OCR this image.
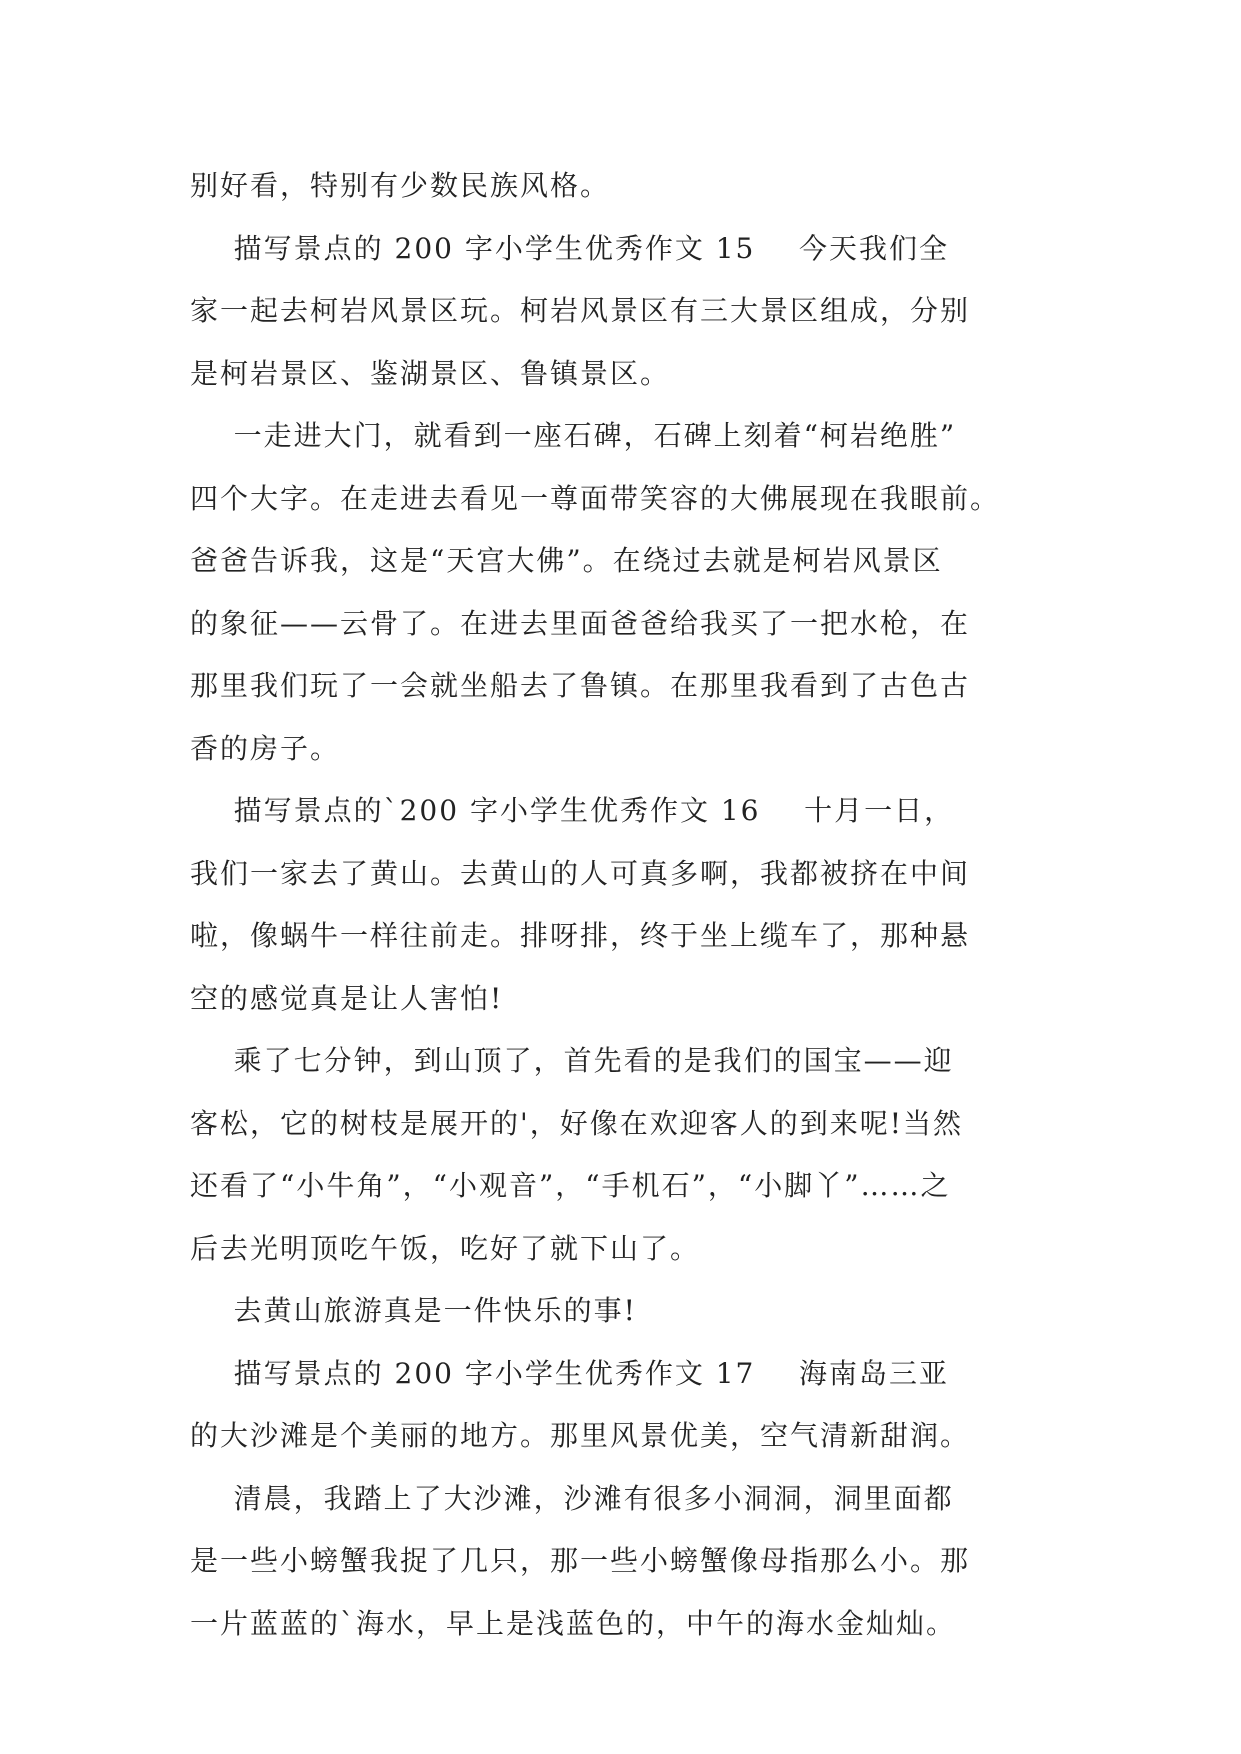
别好看，特别有少数民族风格。
描写景点的 200 字小学生优秀作文 15    今天我们全
家一起去柯岩风景区玩。柯岩风景区有三大景区组成，分别
是柯岩景区、鉴湖景区、鲁镇景区。
一走进大门，就看到一座石碑，石碑上刻着“柯岩绝胜”
四个大字。在走进去看见一尊面带笑容的大佛展现在我眼前。
爸爸告诉我，这是“天宫大佛”。在绕过去就是柯岩风景区
的象征——云骨了。在进去里面爸爸给我买了一把水枪，在
那里我们玩了一会就坐船去了鲁镇。在那里我看到了古色古
香的房子。
描写景点的`200 字小学生优秀作文 16    十月一日，
我们一家去了黄山。去黄山的人可真多啊，我都被挤在中间
啦，像蜗牛一样往前走。排呀排，终于坐上缆车了，那种悬
空的感觉真是让人害怕!
乘了七分钟，到山顶了，首先看的是我们的国宝——迎
客松，它的树枝是展开的'，好像在欢迎客人的到来呢!当然
还看了“小牛角”，“小观音”，“手机石”，“小脚丫”……之
后去光明顶吃午饭，吃好了就下山了。
去黄山旅游真是一件快乐的事!
描写景点的 200 字小学生优秀作文 17    海南岛三亚
的大沙滩是个美丽的地方。那里风景优美，空气清新甜润。
清晨，我踏上了大沙滩，沙滩有很多小洞洞，洞里面都
是一些小螃蟹我捉了几只，那一些小螃蟹像母指那么小。那
一片蓝蓝的`海水，早上是浅蓝色的，中午的海水金灿灿。
